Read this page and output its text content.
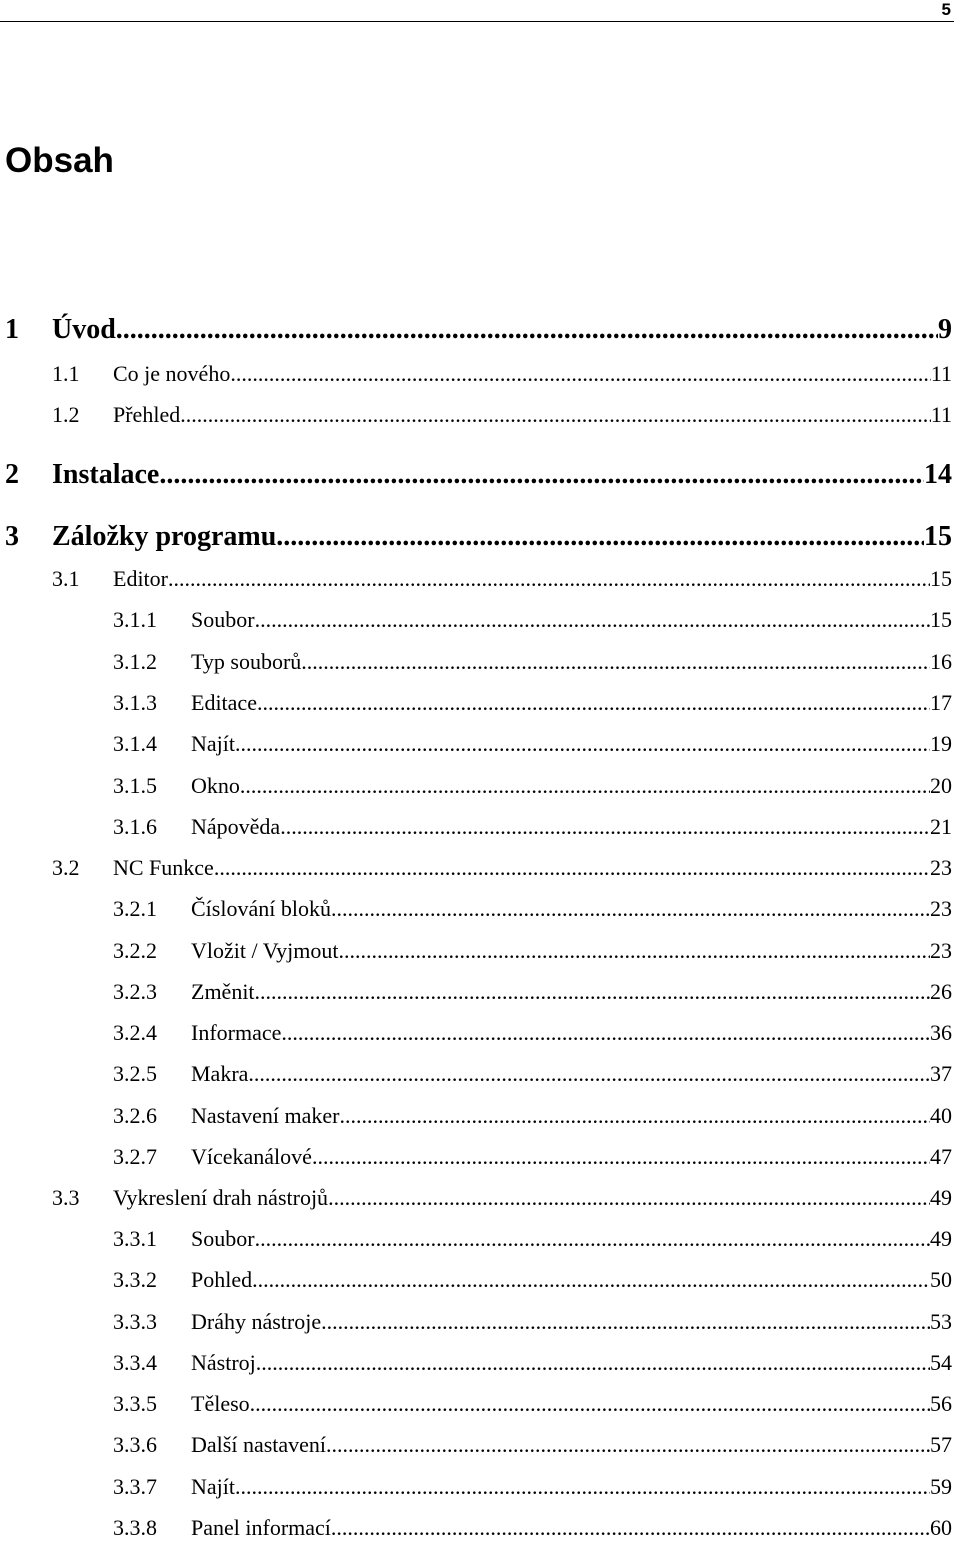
5
Obsah
1	Úvod .....	9
1.1	Co je nového .....	11
1.2	Přehled .....	11
2	Instalace .....	14
3	Záložky programu .....	15
3.1	Editor .....	15
3.1.1	Soubor .....	15
3.1.2	Typ souborů .....	16
3.1.3	Editace .....	17
3.1.4	Najít .....	19
3.1.5	Okno .....	20
3.1.6	Nápověda .....	21
3.2	NC Funkce .....	23
3.2.1	Číslování bloků .....	23
3.2.2	Vložit / Vyjmout .....	23
3.2.3	Změnit .....	26
3.2.4	Informace .....	36
3.2.5	Makra .....	37
3.2.6	Nastavení maker .....	40
3.2.7	Vícekanálové .....	47
3.3	Vykreslení drah nástrojů .....	49
3.3.1	Soubor .....	49
3.3.2	Pohled .....	50
3.3.3	Dráhy nástroje .....	53
3.3.4	Nástroj .....	54
3.3.5	Těleso .....	56
3.3.6	Další nastavení .....	57
3.3.7	Najít .....	59
3.3.8	Panel informací .....	60
